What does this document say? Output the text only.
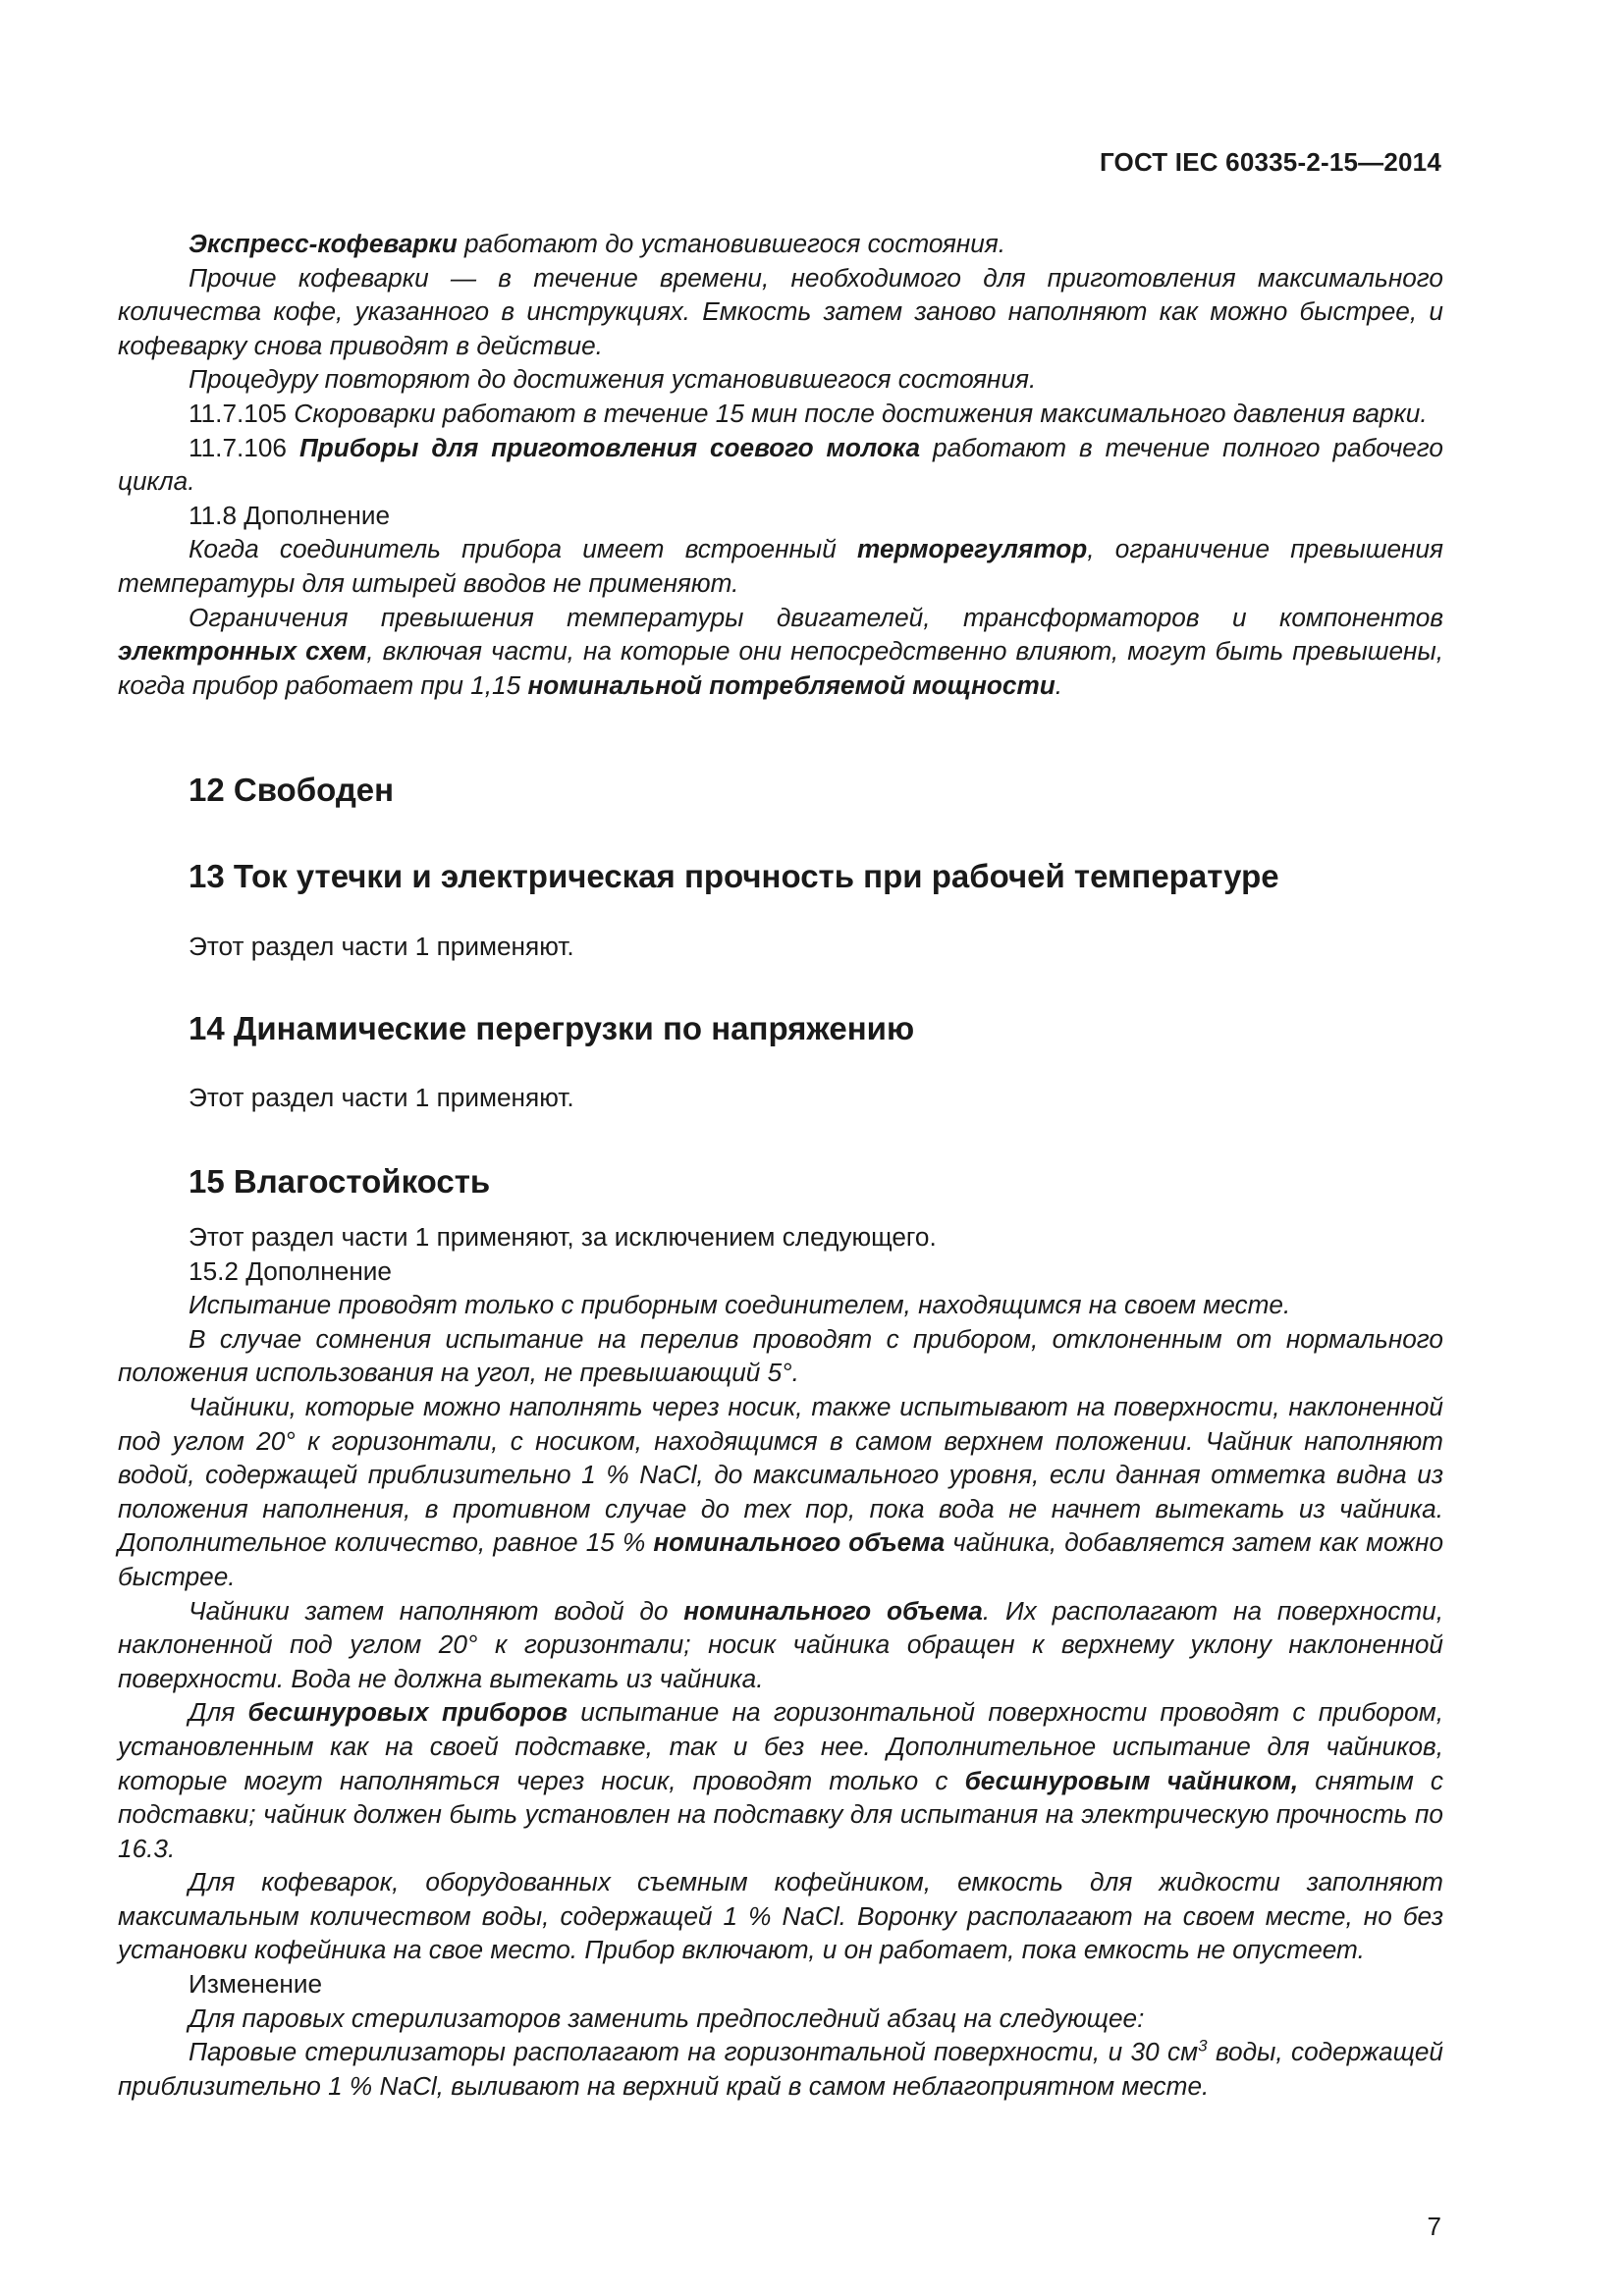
ГОСТ IEC 60335-2-15—2014

Экспресс-кофеварки работают до установившегося состояния.

Прочие кофеварки — в течение времени, необходимого для приготовления максимального количества кофе, указанного в инструкциях. Емкость затем заново наполняют как можно быстрее, и кофеварку снова приводят в действие.

Процедуру повторяют до достижения установившегося состояния.

11.7.105 Скороварки работают в течение 15 мин после достижения максимального давления варки.

11.7.106 Приборы для приготовления соевого молока работают в течение полного рабочего цикла.

11.8 Дополнение

Когда соединитель прибора имеет встроенный терморегулятор, ограничение превышения температуры для штырей вводов не применяют.

Ограничения превышения температуры двигателей, трансформаторов и компонентов электронных схем, включая части, на которые они непосредственно влияют, могут быть превышены, когда прибор работает при 1,15 номинальной потребляемой мощности.

12 Свободен
13 Ток утечки и электрическая прочность при рабочей температуре

Этот раздел части 1 применяют.

14 Динамические перегрузки по напряжению

Этот раздел части 1 применяют.

15 Влагостойкость

Этот раздел части 1 применяют, за исключением следующего.

15.2 Дополнение

Испытание проводят только с приборным соединителем, находящимся на своем месте.

В случае сомнения испытание на перелив проводят с прибором, отклоненным от нормального положения использования на угол, не превышающий 5°.

Чайники, которые можно наполнять через носик, также испытывают на поверхности, наклоненной под углом 20° к горизонтали, с носиком, находящимся в самом верхнем положении. Чайник наполняют водой, содержащей приблизительно 1 % NaCl, до максимального уровня, если данная отметка видна из положения наполнения, в противном случае до тех пор, пока вода не начнет вытекать из чайника. Дополнительное количество, равное 15 % номинального объема чайника, добавляется затем как можно быстрее.

Чайники затем наполняют водой до номинального объема. Их располагают на поверхности, наклоненной под углом 20° к горизонтали; носик чайника обращен к верхнему уклону наклоненной поверхности. Вода не должна вытекать из чайника.

Для бесшнуровых приборов испытание на горизонтальной поверхности проводят с прибором, установленным как на своей подставке, так и без нее. Дополнительное испытание для чайников, которые могут наполняться через носик, проводят только с бесшнуровым чайником, снятым с подставки; чайник должен быть установлен на подставку для испытания на электрическую прочность по 16.3.

Для кофеварок, оборудованных съемным кофейником, емкость для жидкости заполняют максимальным количеством воды, содержащей 1 % NaCl. Воронку располагают на своем месте, но без установки кофейника на свое место. Прибор включают, и он работает, пока емкость не опустеет.

Изменение

Для паровых стерилизаторов заменить предпоследний абзац на следующее:

Паровые стерилизаторы располагают на горизонтальной поверхности, и 30 $см^3$ воды, содержащей приблизительно 1 % NaCl, выливают на верхний край в самом неблагоприятном месте.

7
